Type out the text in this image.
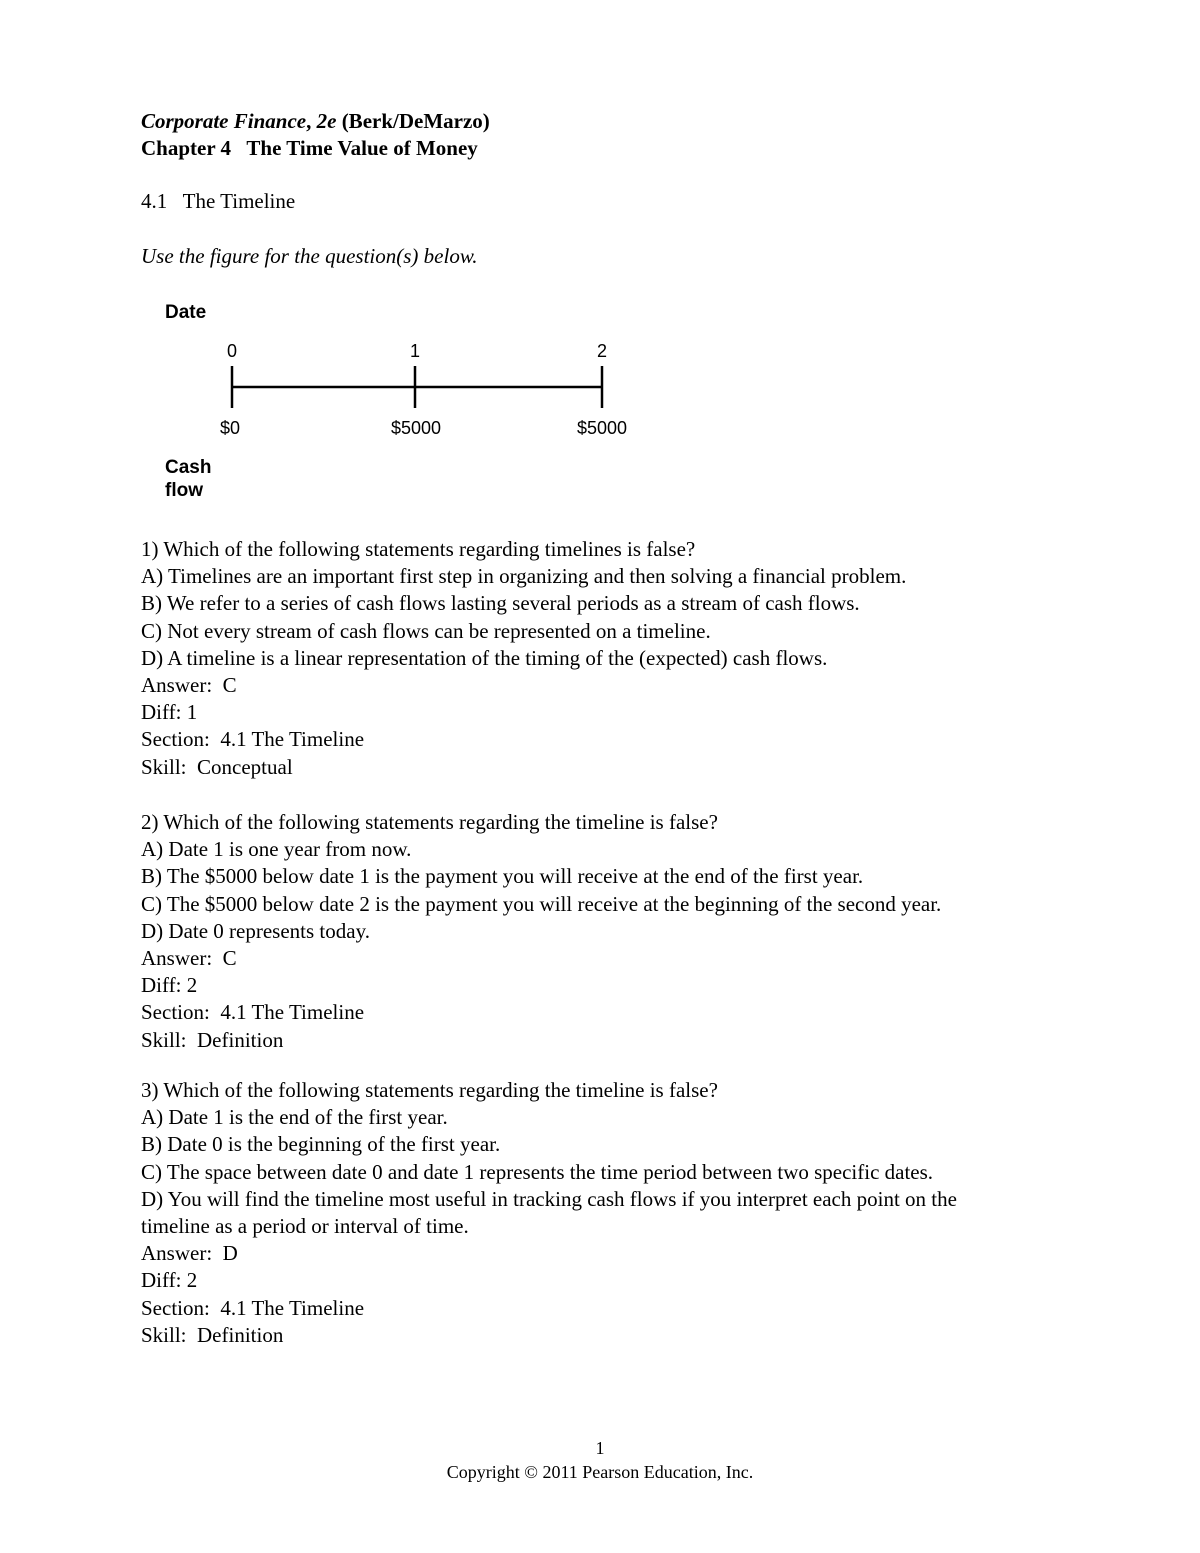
Corporate Finance, 2e (Berk/DeMarzo)
Chapter 4   The Time Value of Money
4.1   The Timeline
Use the figure for the question(s) below.
Date
0	1	2
$0	$5000	$5000
Cash
flow
1) Which of the following statements regarding timelines is false?
A) Timelines are an important first step in organizing and then solving a financial problem.
B) We refer to a series of cash flows lasting several periods as a stream of cash flows.
C) Not every stream of cash flows can be represented on a timeline.
D) A timeline is a linear representation of the timing of the (expected) cash flows.
Answer:  C
Diff: 1
Section:  4.1 The Timeline
Skill:  Conceptual
2) Which of the following statements regarding the timeline is false?
A) Date 1 is one year from now.
B) The $5000 below date 1 is the payment you will receive at the end of the first year.
C) The $5000 below date 2 is the payment you will receive at the beginning of the second year.
D) Date 0 represents today.
Answer:  C
Diff: 2
Section:  4.1 The Timeline
Skill:  Definition
3) Which of the following statements regarding the timeline is false?
A) Date 1 is the end of the first year.
B) Date 0 is the beginning of the first year.
C) The space between date 0 and date 1 represents the time period between two specific dates.
D) You will find the timeline most useful in tracking cash flows if you interpret each point on the
timeline as a period or interval of time.
Answer:  D
Diff: 2
Section:  4.1 The Timeline
Skill:  Definition
1
Copyright © 2011 Pearson Education, Inc.
